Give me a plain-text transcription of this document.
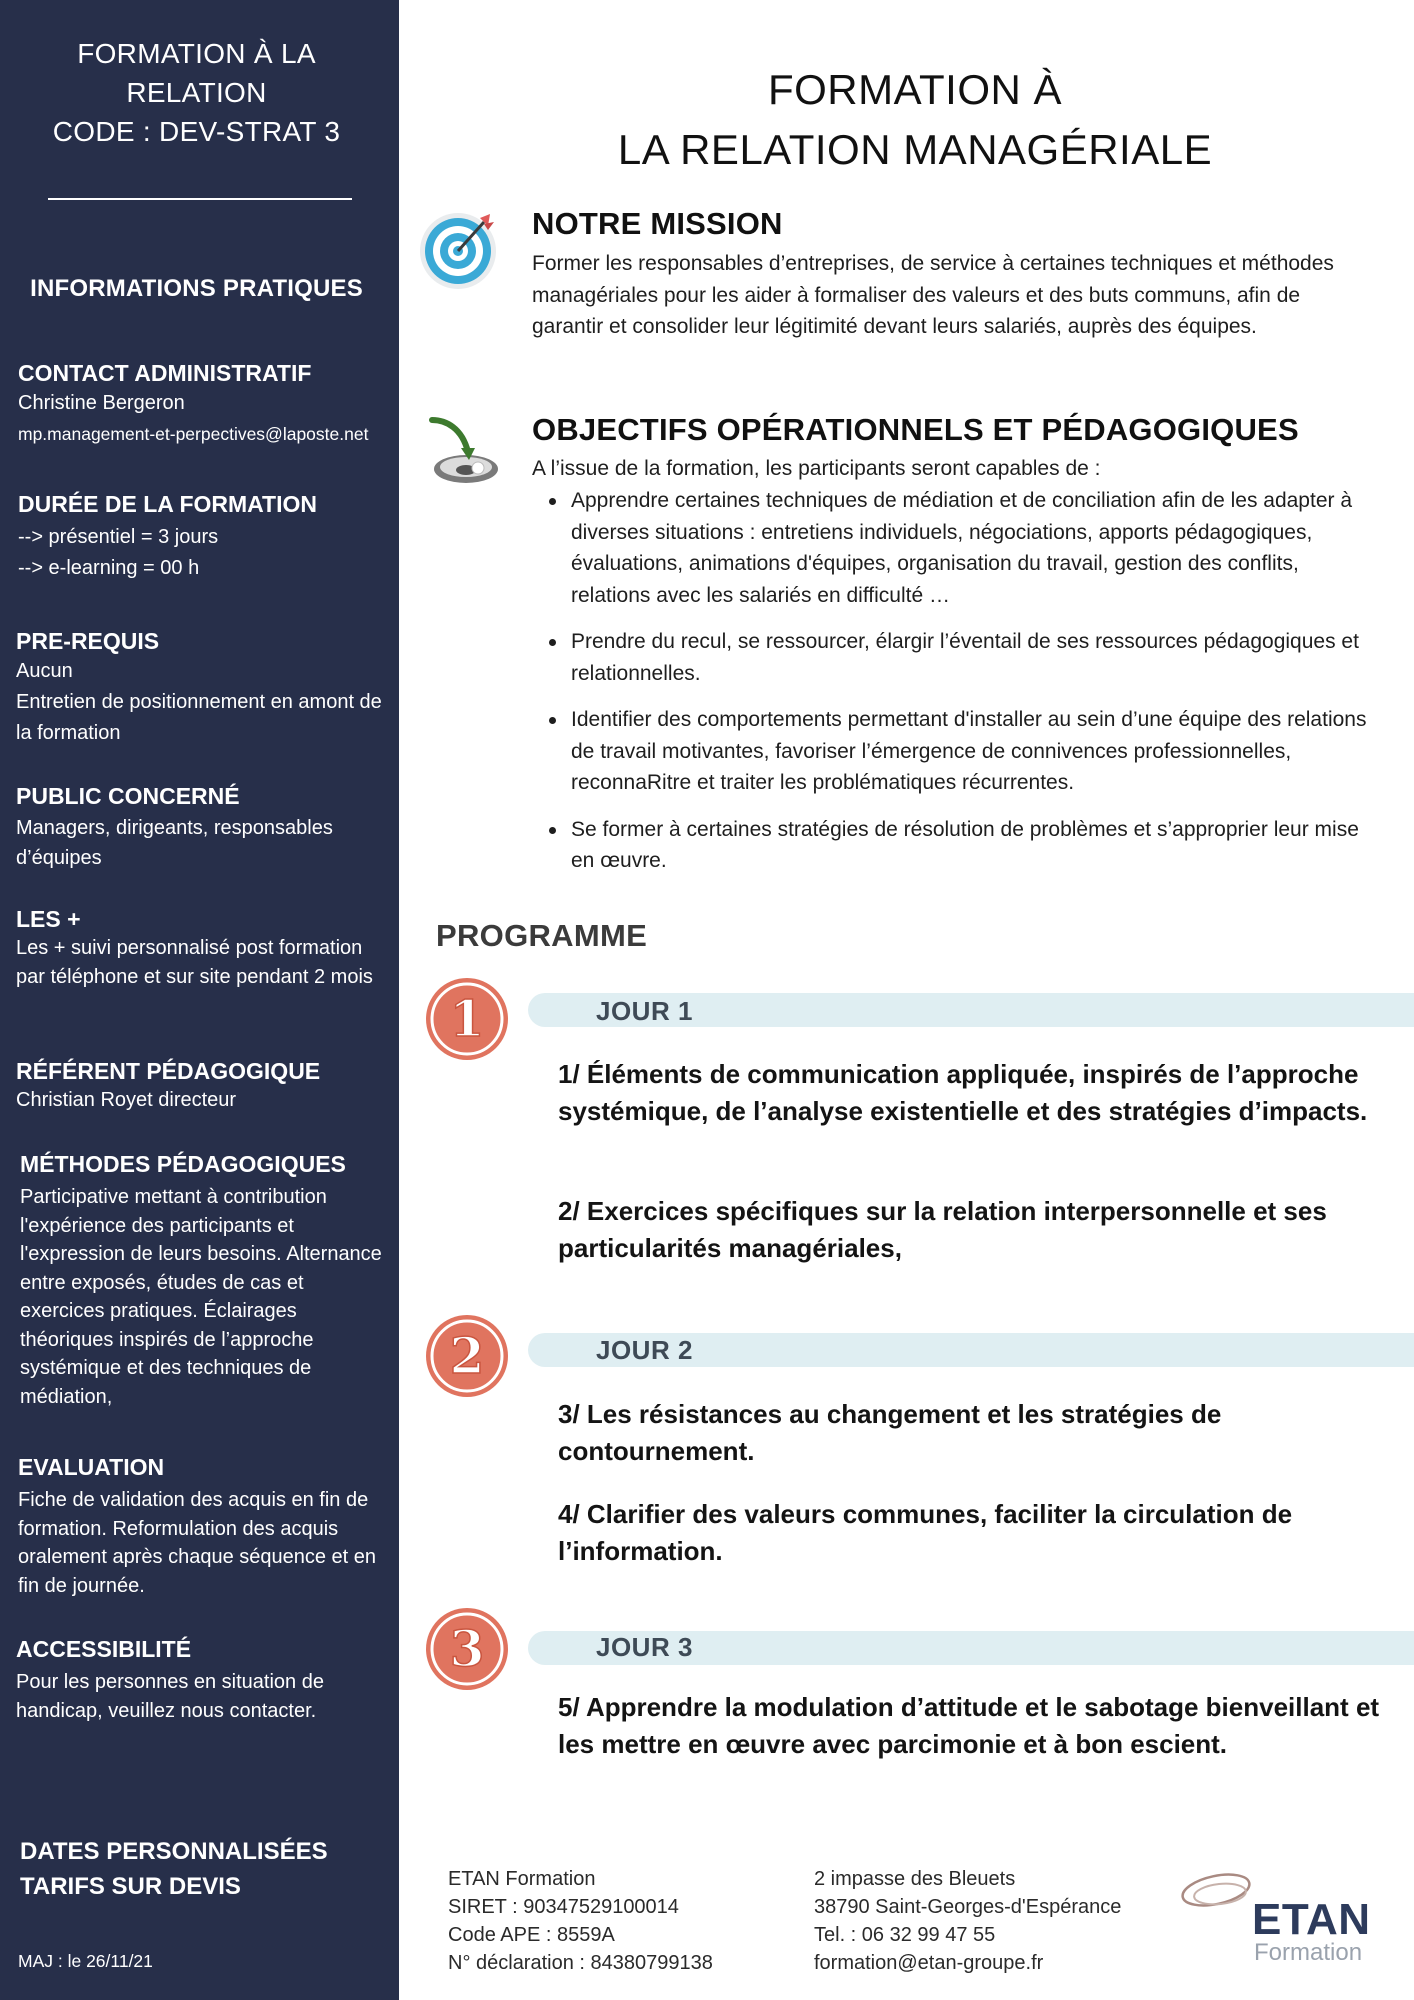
FORMATION À LA
RELATION
CODE : DEV-STRAT 3
INFORMATIONS PRATIQUES
CONTACT ADMINISTRATIF
Christine Bergeron
mp.management-et-perpectives@laposte.net
DURÉE DE LA FORMATION
--> présentiel = 3 jours
--> e-learning = 00 h
PRE-REQUIS
Aucun
Entretien de positionnement en amont de la formation
PUBLIC CONCERNÉ
Managers, dirigeants, responsables d’équipes
LES +
Les + suivi personnalisé post formation par téléphone et sur site pendant 2 mois
RÉFÉRENT PÉDAGOGIQUE
Christian Royet directeur
MÉTHODES PÉDAGOGIQUES
Participative mettant à contribution l'expérience des participants et l'expression de leurs besoins. Alternance entre exposés, études de cas et exercices pratiques. Éclairages théoriques inspirés de l’approche systémique et des techniques de médiation,
EVALUATION
Fiche de validation des acquis en fin de formation. Reformulation des acquis oralement après chaque séquence et en fin de journée.
ACCESSIBILITÉ
Pour les personnes en situation de handicap, veuillez nous contacter.
DATES PERSONNALISÉES
TARIFS SUR DEVIS
MAJ : le 26/11/21
FORMATION À
LA RELATION MANAGÉRIALE
NOTRE MISSION
Former les responsables d’entreprises, de service à certaines techniques et méthodes managériales pour les aider à formaliser des valeurs et des buts communs, afin de garantir et consolider leur légitimité devant leurs salariés, auprès des équipes.
OBJECTIFS OPÉRATIONNELS ET PÉDAGOGIQUES
A l’issue de la formation, les participants seront capables de :
Apprendre certaines techniques de médiation et de conciliation afin de les adapter à diverses situations : entretiens individuels, négociations, apports pédagogiques, évaluations, animations d'équipes, organisation du travail, gestion des conflits, relations avec les salariés en difficulté …
Prendre du recul, se ressourcer, élargir l’éventail de ses ressources pédagogiques et relationnelles.
Identifier des comportements permettant d'installer au sein d’une équipe des relations de travail motivantes, favoriser l’émergence de connivences professionnelles, reconnaRitre et traiter les problématiques récurrentes.
Se former à certaines stratégies de résolution de problèmes et s’approprier leur mise en œuvre.
PROGRAMME
1	JOUR 1
1/ Éléments de communication appliquée, inspirés de l’approche systémique, de l’analyse existentielle et des stratégies d’impacts.
2/ Exercices spécifiques sur la relation interpersonnelle et ses particularités managériales,
2	JOUR 2
3/ Les résistances au changement et les stratégies de contournement.
4/ Clarifier des valeurs communes, faciliter la circulation de l’information.
3	JOUR 3
5/ Apprendre la modulation d’attitude et le sabotage bienveillant et les mettre en œuvre avec parcimonie et à bon escient.
ETAN Formation
SIRET : 90347529100014
Code APE : 8559A
N° déclaration : 84380799138
2 impasse des Bleuets
38790 Saint-Georges-d'Espérance
Tel. : 06 32 99 47 55
formation@etan-groupe.fr
ETAN
Formation
